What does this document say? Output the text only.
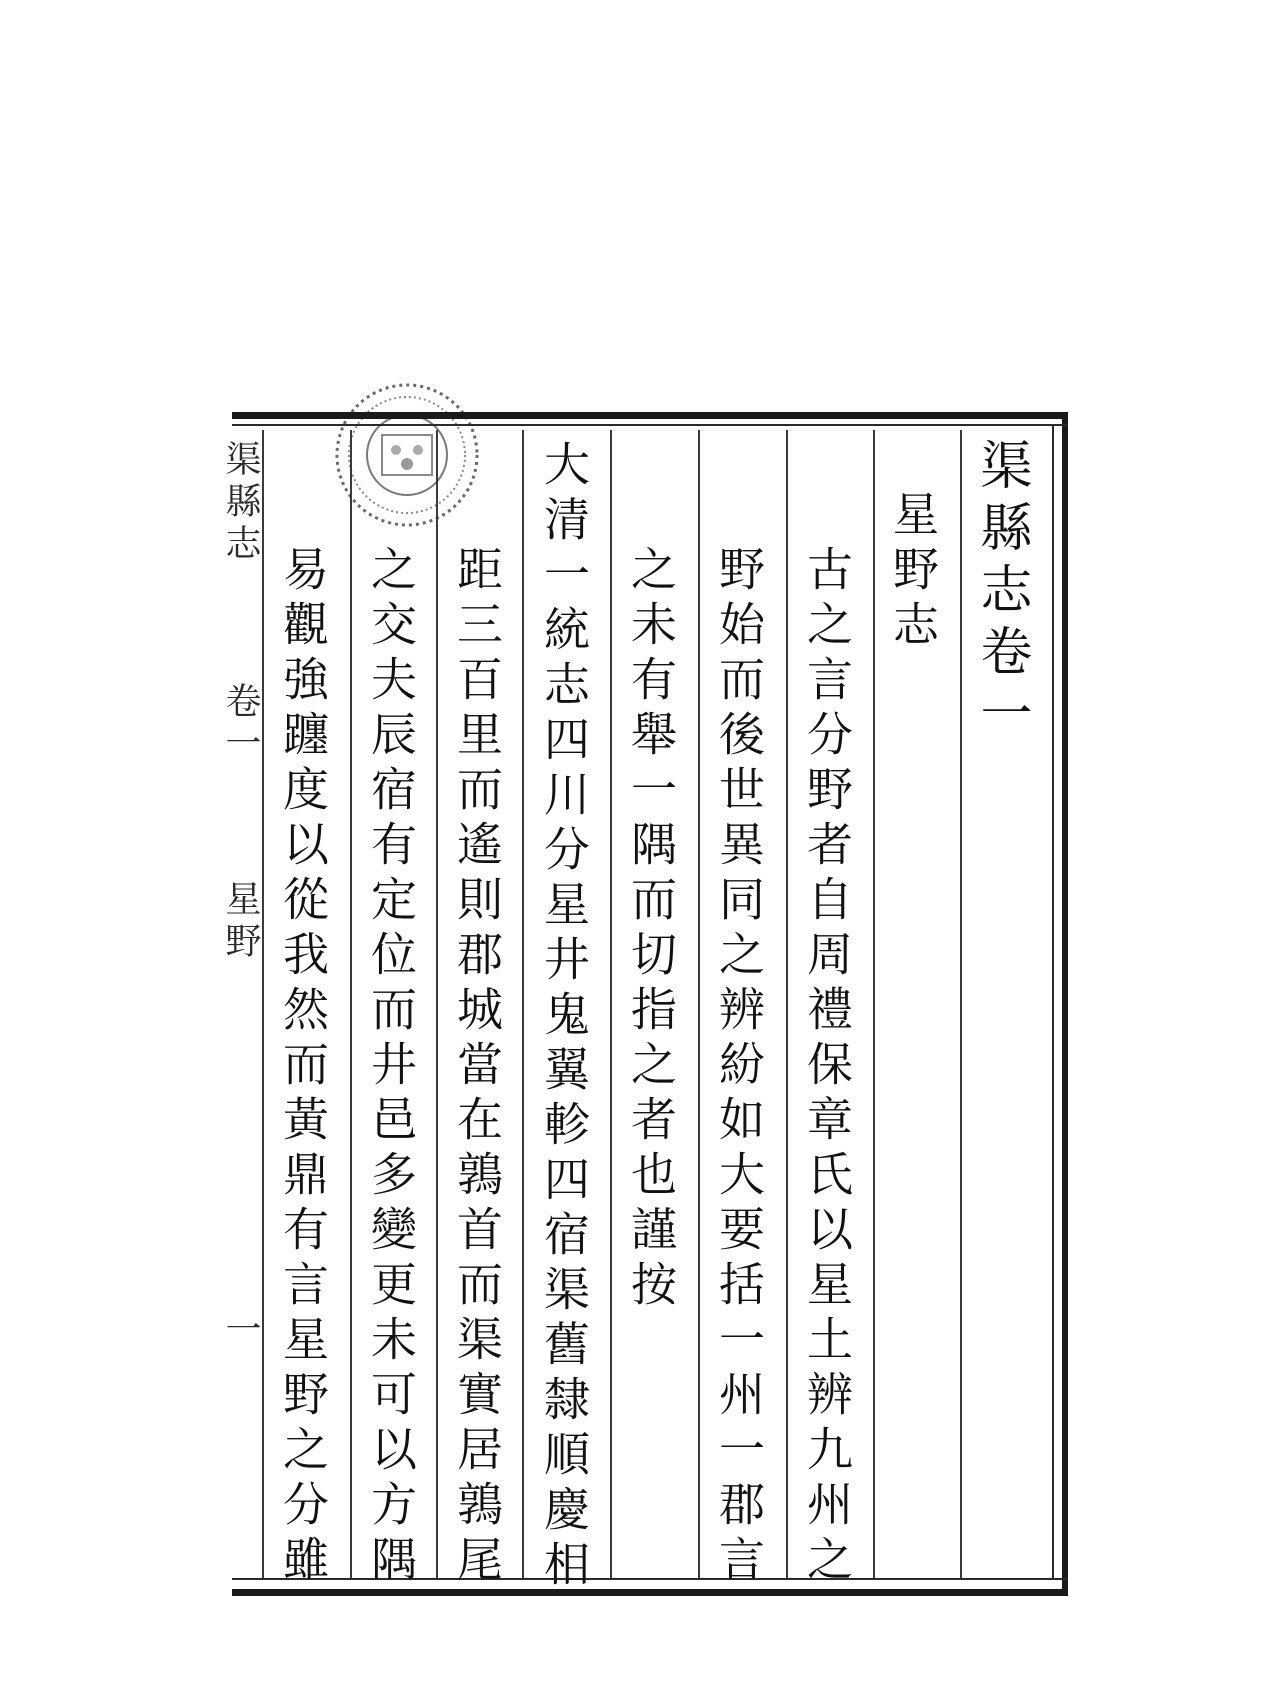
渠縣志卷一
星野志
古之言分野者自周禮保章氏以星土辨九州之
野始而後世異同之辨紛如大要括一州一郡言
之未有舉一隅而切指之者也謹按
大清一統志四川分星井鬼翼軫四宿渠舊隸順慶相
距三百里而遙則郡城當在鶉首而渠實居鶉尾
之交夫辰宿有定位而井邑多變更未可以方隅
易觀強躔度以從我然而黃鼎有言星野之分雖
渠縣志
卷一
星野
一
